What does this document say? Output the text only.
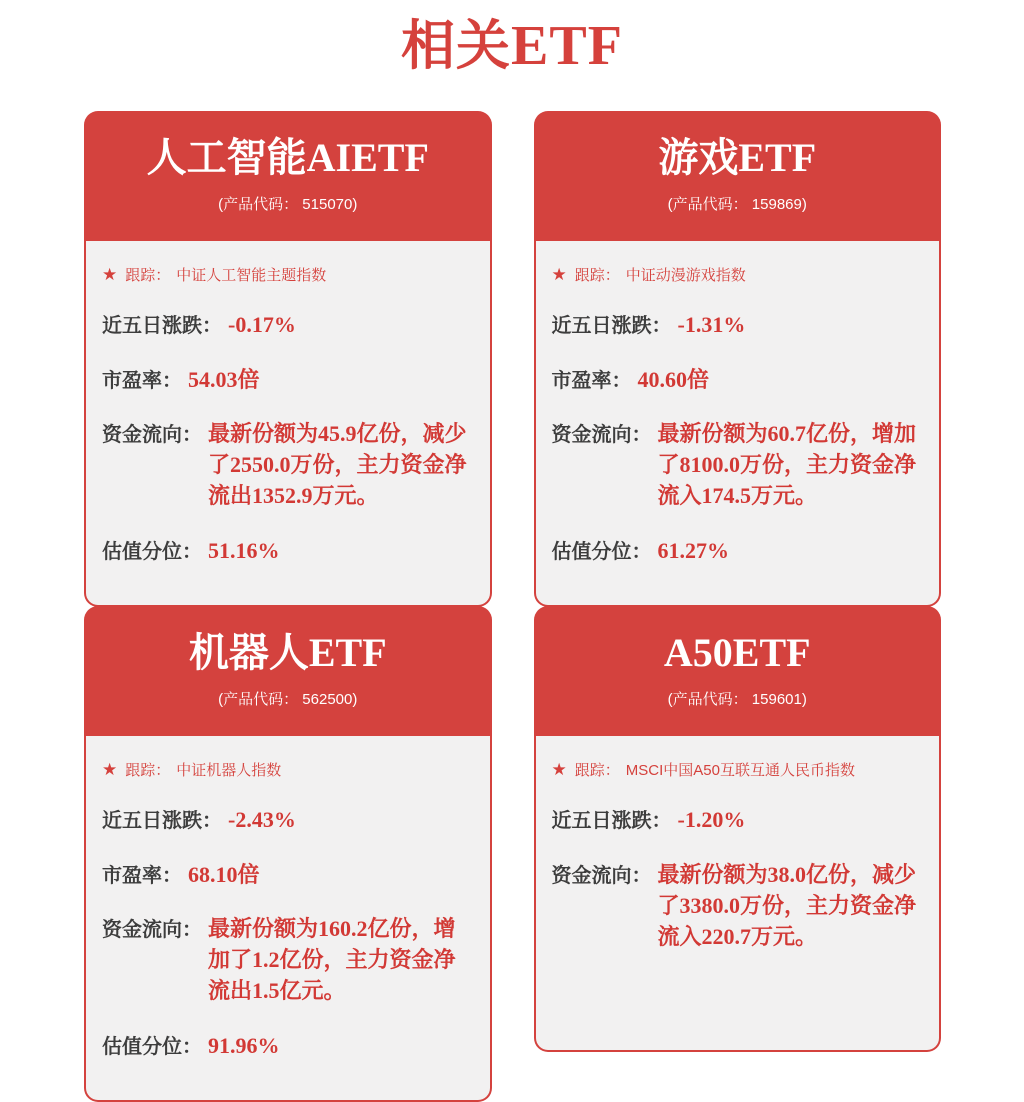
相关ETF
人工智能AIETF
(产品代码： 515070)
★ 跟踪： 中证人工智能主题指数
近五日涨跌： -0.17%
市盈率： 54.03倍
资金流向： 最新份额为45.9亿份，减少了2550.0万份，主力资金净流出1352.9万元。
估值分位： 51.16%
游戏ETF
(产品代码： 159869)
★ 跟踪： 中证动漫游戏指数
近五日涨跌： -1.31%
市盈率： 40.60倍
资金流向： 最新份额为60.7亿份，增加了8100.0万份，主力资金净流入174.5万元。
估值分位： 61.27%
机器人ETF
(产品代码： 562500)
★ 跟踪： 中证机器人指数
近五日涨跌： -2.43%
市盈率： 68.10倍
资金流向： 最新份额为160.2亿份，增加了1.2亿份，主力资金净流出1.5亿元。
估值分位： 91.96%
A50ETF
(产品代码： 159601)
★ 跟踪： MSCI中国A50互联互通人民币指数
近五日涨跌： -1.20%
资金流向： 最新份额为38.0亿份，减少了3380.0万份，主力资金净流入220.7万元。
